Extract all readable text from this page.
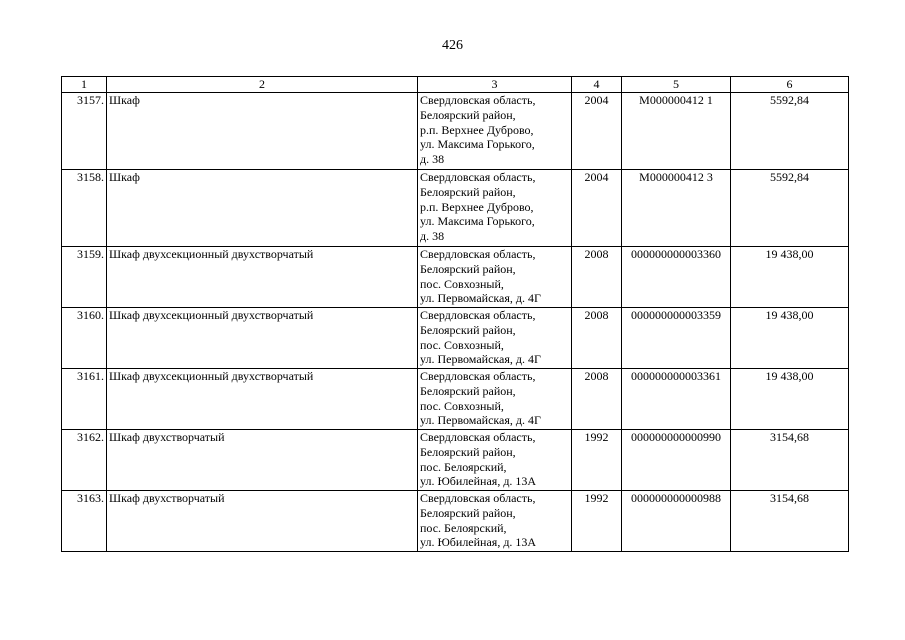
426
1	2	3	4	5	6
3157.	Шкаф	Свердловская область,
Белоярский район,
р.п. Верхнее Дуброво,
ул. Максима Горького,
д. 38	2004	М000000412 1	5592,84
3158.	Шкаф	Свердловская область,
Белоярский район,
р.п. Верхнее Дуброво,
ул. Максима Горького,
д. 38	2004	М000000412 3	5592,84
3159.	Шкаф двухсекционный двухстворчатый	Свердловская область,
Белоярский район,
пос. Совхозный,
ул. Первомайская, д. 4Г	2008	000000000003360	19 438,00
3160.	Шкаф двухсекционный двухстворчатый	Свердловская область,
Белоярский район,
пос. Совхозный,
ул. Первомайская, д. 4Г	2008	000000000003359	19 438,00
3161.	Шкаф двухсекционный двухстворчатый	Свердловская область,
Белоярский район,
пос. Совхозный,
ул. Первомайская, д. 4Г	2008	000000000003361	19 438,00
3162.	Шкаф двухстворчатый	Свердловская область,
Белоярский район,
пос. Белоярский,
ул. Юбилейная, д. 13А	1992	000000000000990	3154,68
3163.	Шкаф двухстворчатый	Свердловская область,
Белоярский район,
пос. Белоярский,
ул. Юбилейная, д. 13А	1992	000000000000988	3154,68
